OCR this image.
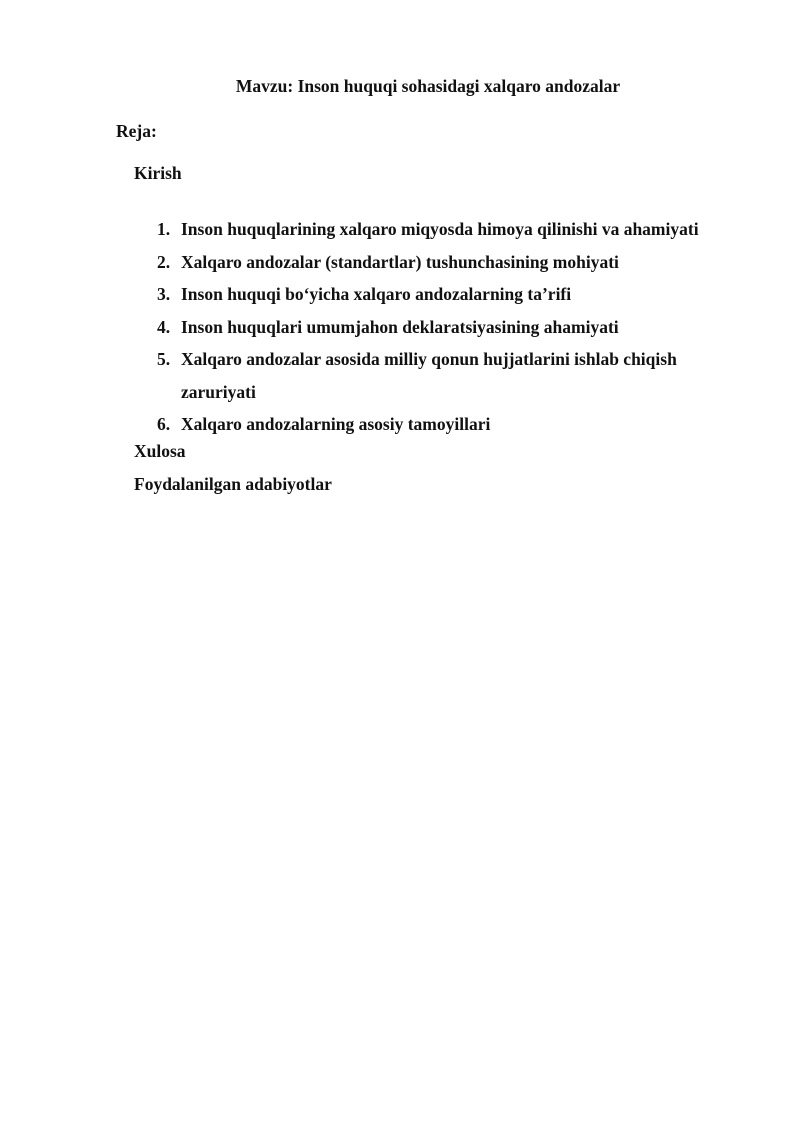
Mavzu: Inson huquqi sohasidagi xalqaro andozalar

Reja:

Kirish

1. Inson huquqlarining xalqaro miqyosda himoya qilinishi va ahamiyati
2. Xalqaro andozalar (standartlar) tushunchasining mohiyati
3. Inson huquqi bo‘yicha xalqaro andozalarning ta’rifi
4. Inson huquqlari umumjahon deklaratsiyasining ahamiyati
5. Xalqaro andozalar asosida milliy qonun hujjatlarini ishlab chiqish zaruriyati
6. Xalqaro andozalarning asosiy tamoyillari

Xulosa

Foydalanilgan adabiyotlar
